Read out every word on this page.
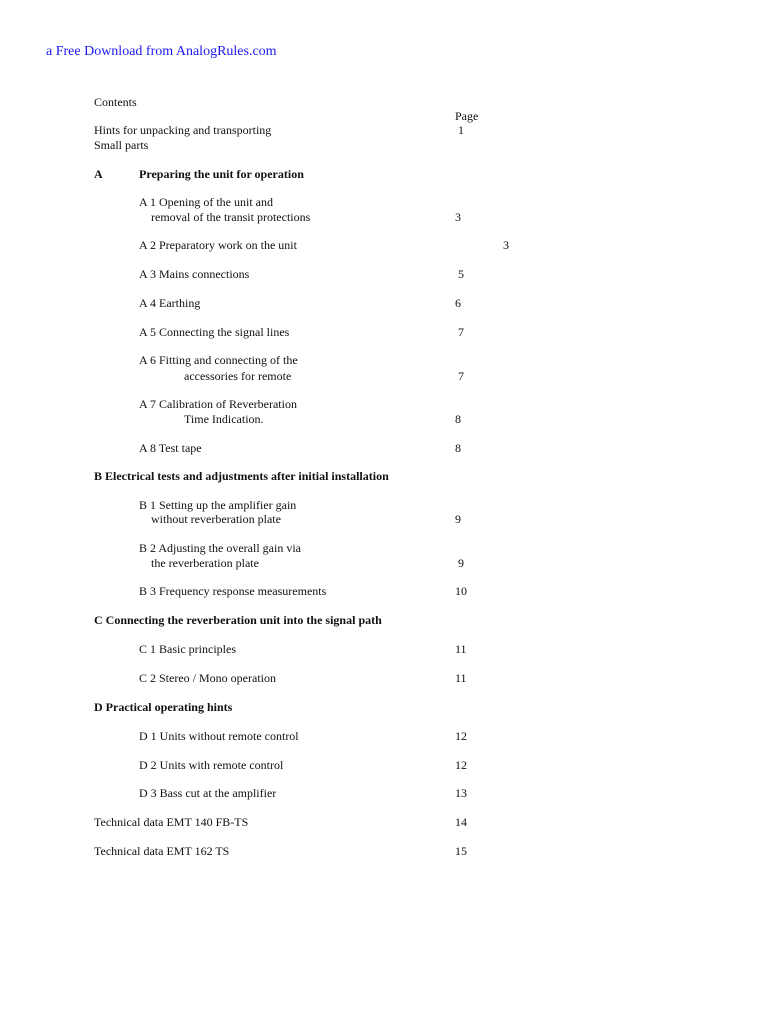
a Free Download from AnalogRules.com
Contents
Page
Hints for unpacking and transporting	1
Small parts
A	Preparing the unit for operation
A 1 Opening of the unit and
removal of the transit protections	3
A 2 Preparatory work on the unit	3
A 3 Mains connections	5
A 4 Earthing	6
A 5 Connecting the signal lines	7
A 6 Fitting and connecting of the
accessories for remote	7
A 7 Calibration of Reverberation
Time Indication.	8
A 8 Test tape	8
B Electrical tests and adjustments after initial installation
B 1 Setting up the amplifier gain
without reverberation plate	9
B 2 Adjusting the overall gain via
the reverberation plate	9
B 3 Frequency response measurements	10
C Connecting the reverberation unit into the signal path
C 1 Basic principles	11
C 2 Stereo / Mono operation	11
D Practical operating hints
D 1 Units without remote control	12
D 2 Units with remote control	12
D 3 Bass cut at the amplifier	13
Technical data EMT 140 FB-TS	14
Technical data EMT 162 TS	15
